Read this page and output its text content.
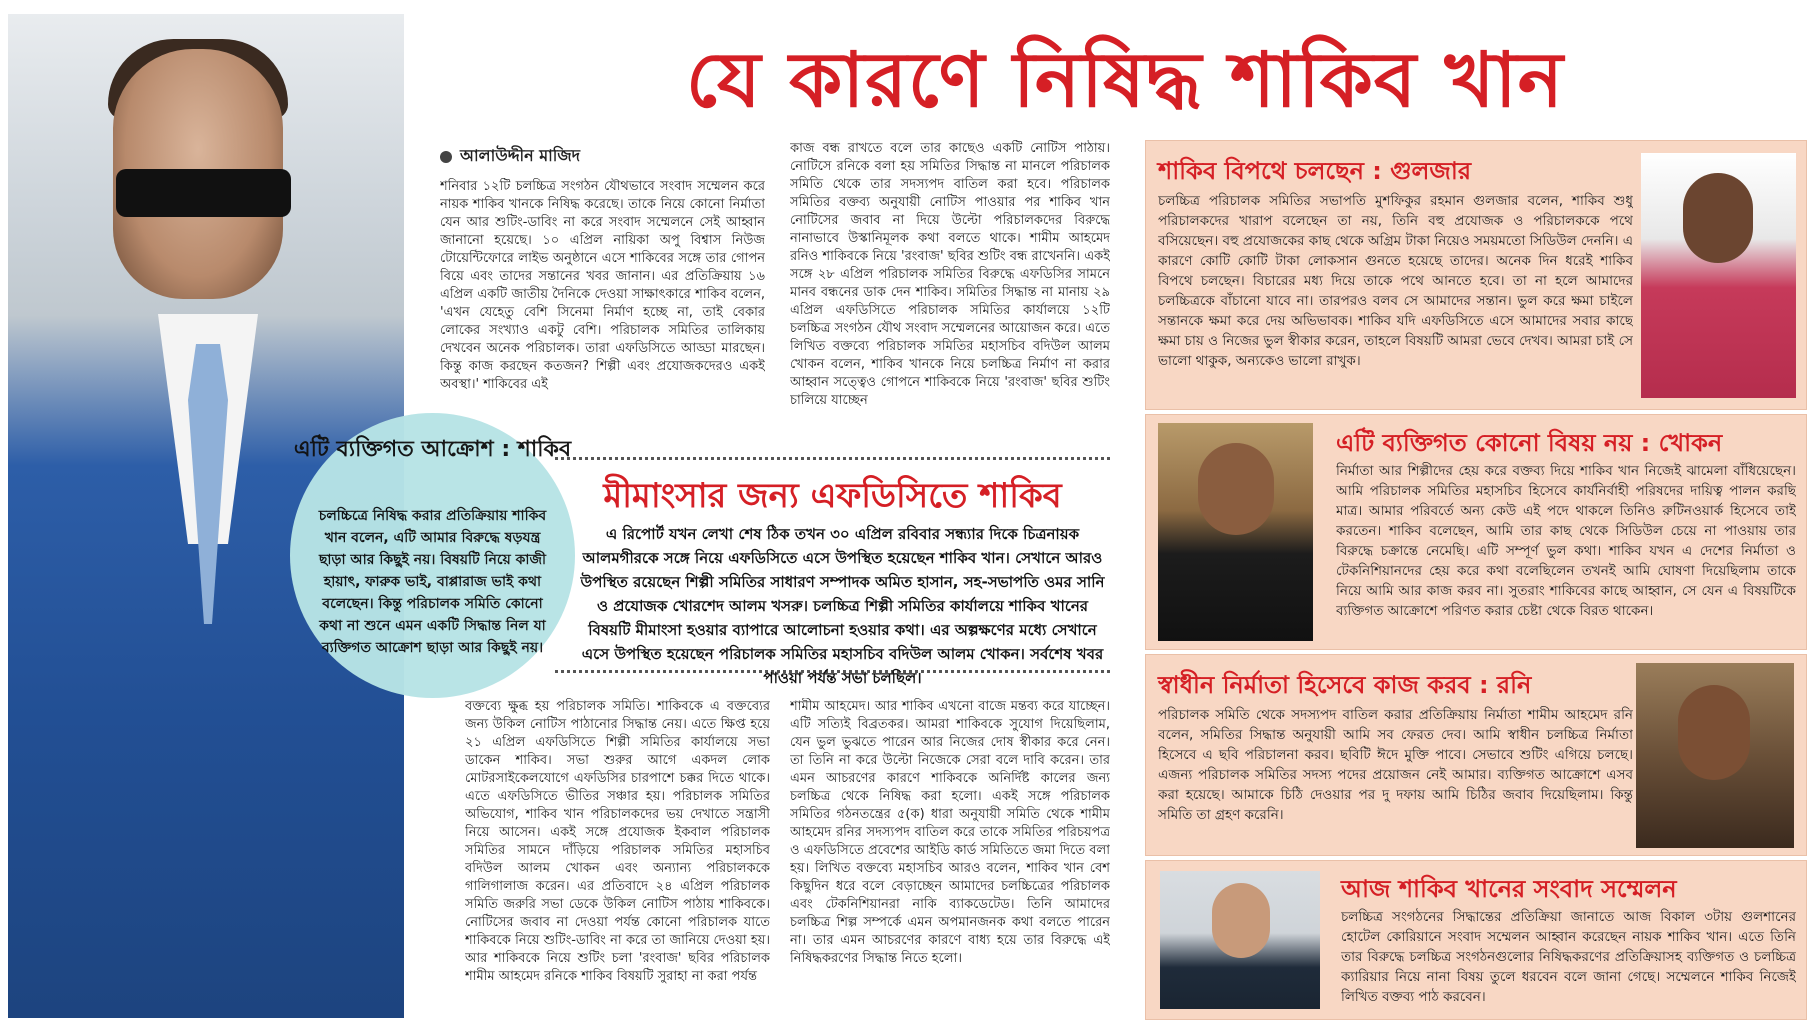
যে কারণে নিষিদ্ধ শাকিব খান
আলাউদ্দীন মাজিদ

শনিবার ১২টি চলচ্চিত্র সংগঠন যৌথভাবে সংবাদ সম্মেলন করে নায়ক শাকিব খানকে নিষিদ্ধ করেছে। তাকে নিয়ে কোনো নির্মাতা যেন আর শুটিং-ডাবিং না করে সংবাদ সম্মেলনে সেই আহ্বান জানানো হয়েছে। ১০ এপ্রিল নায়িকা অপু বিশ্বাস নিউজ টোয়েন্টিফোরে লাইভ অনুষ্ঠানে এসে শাকিবের সঙ্গে তার গোপন বিয়ে এবং তাদের সন্তানের খবর জানান। এর প্রতিক্রিয়ায় ১৬ এপ্রিল একটি জাতীয় দৈনিকে দেওয়া সাক্ষাৎকারে শাকিব বলেন, 'এখন যেহেতু বেশি সিনেমা নির্মাণ হচ্ছে না, তাই বেকার লোকের সংখ্যাও একটু বেশি। পরিচালক সমিতির তালিকায় দেখবেন অনেক পরিচালক। তারা এফডিসিতে আড্ডা মারছেন। কিন্তু কাজ করছেন কতজন? শিল্পী এবং প্রযোজকদেরও একই অবস্থা।' শাকিবের এই

কাজ বন্ধ রাখতে বলে তার কাছেও একটি নোটিস পাঠায়। নোটিসে রনিকে বলা হয় সমিতির সিদ্ধান্ত না মানলে পরিচালক সমিতি থেকে তার সদস্যপদ বাতিল করা হবে। পরিচালক সমিতির বক্তব্য অনুযায়ী নোটিস পাওয়ার পর শাকিব খান নোটিসের জবাব না দিয়ে উল্টো পরিচালকদের বিরুদ্ধে নানাভাবে উস্কানিমূলক কথা বলতে থাকে। শামীম আহমেদ রনিও শাকিবকে নিয়ে 'রংবাজ' ছবির শুটিং বন্ধ রাখেননি। একই সঙ্গে ২৮ এপ্রিল পরিচালক সমিতির বিরুদ্ধে এফডিসির সামনে মানব বন্ধনের ডাক দেন শাকিব। সমিতির সিদ্ধান্ত না মানায় ২৯ এপ্রিল এফডিসিতে পরিচালক সমিতির কার্যালয়ে ১২টি চলচ্চিত্র সংগঠন যৌথ সংবাদ সম্মেলনের আয়োজন করে। এতে লিখিত বক্তব্যে পরিচালক সমিতির মহাসচিব বদিউল আলম খোকন বলেন, শাকিব খানকে নিয়ে চলচ্চিত্র নির্মাণ না করার আহ্বান সত্ত্বেও গোপনে শাকিবকে নিয়ে 'রংবাজ' ছবির শুটিং চালিয়ে যাচ্ছেন

মীমাংসার জন্য এফডিসিতে শাকিব
এ রিপোর্ট যখন লেখা শেষ ঠিক তখন ৩০ এপ্রিল রবিবার সন্ধ্যার দিকে চিত্রনায়ক আলমগীরকে সঙ্গে নিয়ে এফডিসিতে এসে উপস্থিত হয়েছেন শাকিব খান। সেখানে আরও উপস্থিত রয়েছেন শিল্পী সমিতির সাধারণ সম্পাদক অমিত হাসান, সহ-সভাপতি ওমর সানি ও প্রযোজক খোরশেদ আলম খসরু। চলচ্চিত্র শিল্পী সমিতির কার্যালয়ে শাকিব খানের বিষয়টি মীমাংসা হওয়ার ব্যাপারে আলোচনা হওয়ার কথা। এর অল্পক্ষণের মধ্যে সেখানে এসে উপস্থিত হয়েছেন পরিচালক সমিতির মহাসচিব বদিউল আলম খোকন। সর্বশেষ খবর পাওয়া পর্যন্ত সভা চলছিল।
এটি ব্যক্তিগত আক্রোশ : শাকিব
চলচ্চিত্রে নিষিদ্ধ করার প্রতিক্রিয়ায় শাকিব খান বলেন, এটি আমার বিরুদ্ধে ষড়যন্ত্র ছাড়া আর কিছুই নয়। বিষয়টি নিয়ে কাজী হায়াৎ, ফারুক ভাই, বাপ্পারাজ ভাই কথা বলেছেন। কিন্তু পরিচালক সমিতি কোনো কথা না শুনে এমন একটি সিদ্ধান্ত নিল যা ব্যক্তিগত আক্রোশ ছাড়া আর কিছুই নয়।

বক্তব্যে ক্ষুব্ধ হয় পরিচালক সমিতি। শাকিবকে এ বক্তব্যের জন্য উকিল নোটিস পাঠানোর সিদ্ধান্ত নেয়। এতে ক্ষিপ্ত হয়ে ২১ এপ্রিল এফডিসিতে শিল্পী সমিতির কার্যালয়ে সভা ডাকেন শাকিব। সভা শুরুর আগে একদল লোক মোটরসাইকেলযোগে এফডিসির চারপাশে চক্কর দিতে থাকে। এতে এফডিসিতে ভীতির সঞ্চার হয়। পরিচালক সমিতির অভিযোগ, শাকিব খান পরিচালকদের ভয় দেখাতে সন্ত্রাসী নিয়ে আসেন। একই সঙ্গে প্রযোজক ইকবাল পরিচালক সমিতির সামনে দাঁড়িয়ে পরিচালক সমিতির মহাসচিব বদিউল আলম খোকন এবং অন্যান্য পরিচালককে গালিগালাজ করেন। এর প্রতিবাদে ২৪ এপ্রিল পরিচালক সমিতি জরুরি সভা ডেকে উকিল নোটিস পাঠায় শাকিবকে। নোটিসের জবাব না দেওয়া পর্যন্ত কোনো পরিচালক যাতে শাকিবকে নিয়ে শুটিং-ডাবিং না করে তা জানিয়ে দেওয়া হয়। আর শাকিবকে নিয়ে শুটিং চলা 'রংবাজ' ছবির পরিচালক শামীম আহমেদ রনিকে শাকিব বিষয়টি সুরাহা না করা পর্যন্ত

শামীম আহমেদ। আর শাকিব এখনো বাজে মন্তব্য করে যাচ্ছেন। এটি সত্যিই বিব্রতকর। আমরা শাকিবকে সুযোগ দিয়েছিলাম, যেন ভুল ভুঝতে পারেন আর নিজের দোষ স্বীকার করে নেন। তা তিনি না করে উল্টো নিজেকে সেরা বলে দাবি করেন। তার এমন আচরণের কারণে শাকিবকে অনির্দিষ্ট কালের জন্য চলচ্চিত্র থেকে নিষিদ্ধ করা হলো। একই সঙ্গে পরিচালক সমিতির গঠনতন্ত্রের ৫(ক) ধারা অনুযায়ী সমিতি থেকে শামীম আহমেদ রনির সদস্যপদ বাতিল করে তাকে সমিতির পরিচয়পত্র ও এফডিসিতে প্রবেশের আইডি কার্ড সমিতিতে জমা দিতে বলা হয়। লিখিত বক্তব্যে মহাসচিব আরও বলেন, শাকিব খান বেশ কিছুদিন ধরে বলে বেড়াচ্ছেন আমাদের চলচ্চিত্রের পরিচালক এবং টেকনিশিয়ানরা নাকি ব্যাকডেটেড। তিনি আমাদের চলচ্চিত্র শিল্প সম্পর্কে এমন অপমানজনক কথা বলতে পারেন না। তার এমন আচরণের কারণে বাধ্য হয়ে তার বিরুদ্ধে এই নিষিদ্ধকরণের সিদ্ধান্ত নিতে হলো।

শাকিব বিপথে চলছেন : গুলজার
চলচ্চিত্র পরিচালক সমিতির সভাপতি মুশফিকুর রহমান গুলজার বলেন, শাকিব শুধু পরিচালকদের খারাপ বলেছেন তা নয়, তিনি বহু প্রযোজক ও পরিচালককে পথে বসিয়েছেন। বহু প্রযোজকের কাছ থেকে অগ্রিম টাকা নিয়েও সময়মতো সিডিউল দেননি। এ কারণে কোটি কোটি টাকা লোকসান গুনতে হয়েছে তাদের। অনেক দিন ধরেই শাকিব বিপথে চলছেন। বিচারের মধ্য দিয়ে তাকে পথে আনতে হবে। তা না হলে আমাদের চলচ্চিত্রকে বাঁচানো যাবে না। তারপরও বলব সে আমাদের সন্তান। ভুল করে ক্ষমা চাইলে সন্তানকে ক্ষমা করে দেয় অভিভাবক। শাকিব যদি এফডিসিতে এসে আমাদের সবার কাছে ক্ষমা চায় ও নিজের ভুল স্বীকার করেন, তাহলে বিষয়টি আমরা ভেবে দেখব। আমরা চাই সে ভালো থাকুক, অন্যকেও ভালো রাখুক।
এটি ব্যক্তিগত কোনো বিষয় নয় : খোকন
নির্মাতা আর শিল্পীদের হেয় করে বক্তব্য দিয়ে শাকিব খান নিজেই ঝামেলা বাঁধিয়েছেন। আমি পরিচালক সমিতির মহাসচিব হিসেবে কার্যনির্বাহী পরিষদের দায়িত্ব পালন করছি মাত্র। আমার পরিবর্তে অন্য কেউ এই পদে থাকলে তিনিও রুটিনওয়ার্ক হিসেবে তাই করতেন। শাকিব বলেছেন, আমি তার কাছ থেকে সিডিউল চেয়ে না পাওয়ায় তার বিরুদ্ধে চক্রান্তে নেমেছি। এটি সম্পূর্ণ ভুল কথা। শাকিব যখন এ দেশের নির্মাতা ও টেকনিশিয়ানদের হেয় করে কথা বলেছিলেন তখনই আমি ঘোষণা দিয়েছিলাম তাকে নিয়ে আমি আর কাজ করব না। সুতরাং শাকিবের কাছে আহ্বান, সে যেন এ বিষয়টিকে ব্যক্তিগত আক্রোশে পরিণত করার চেষ্টা থেকে বিরত থাকেন।
স্বাধীন নির্মাতা হিসেবে কাজ করব : রনি
পরিচালক সমিতি থেকে সদস্যপদ বাতিল করার প্রতিক্রিয়ায় নির্মাতা শামীম আহমেদ রনি বলেন, সমিতির সিদ্ধান্ত অনুযায়ী আমি সব ফেরত দেব। আমি স্বাধীন চলচ্চিত্র নির্মাতা হিসেবে এ ছবি পরিচালনা করব। ছবিটি ঈদে মুক্তি পাবে। সেভাবে শুটিং এগিয়ে চলছে। এজন্য পরিচালক সমিতির সদস্য পদের প্রয়োজন নেই আমার। ব্যক্তিগত আক্রোশে এসব করা হয়েছে। আমাকে চিঠি দেওয়ার পর দু দফায় আমি চিঠির জবাব দিয়েছিলাম। কিন্তু সমিতি তা গ্রহণ করেনি।
আজ শাকিব খানের সংবাদ সম্মেলন
চলচ্চিত্র সংগঠনের সিদ্ধান্তের প্রতিক্রিয়া জানাতে আজ বিকাল ৩টায় গুলশানের হোটেল কোরিয়ানে সংবাদ সম্মেলন আহ্বান করেছেন নায়ক শাকিব খান। এতে তিনি তার বিরুদ্ধে চলচ্চিত্র সংগঠনগুলোর নিষিদ্ধকরণের প্রতিক্রিয়াসহ ব্যক্তিগত ও চলচ্চিত্র ক্যারিয়ার নিয়ে নানা বিষয় তুলে ধরবেন বলে জানা গেছে। সম্মেলনে শাকিব নিজেই লিখিত বক্তব্য পাঠ করবেন।
